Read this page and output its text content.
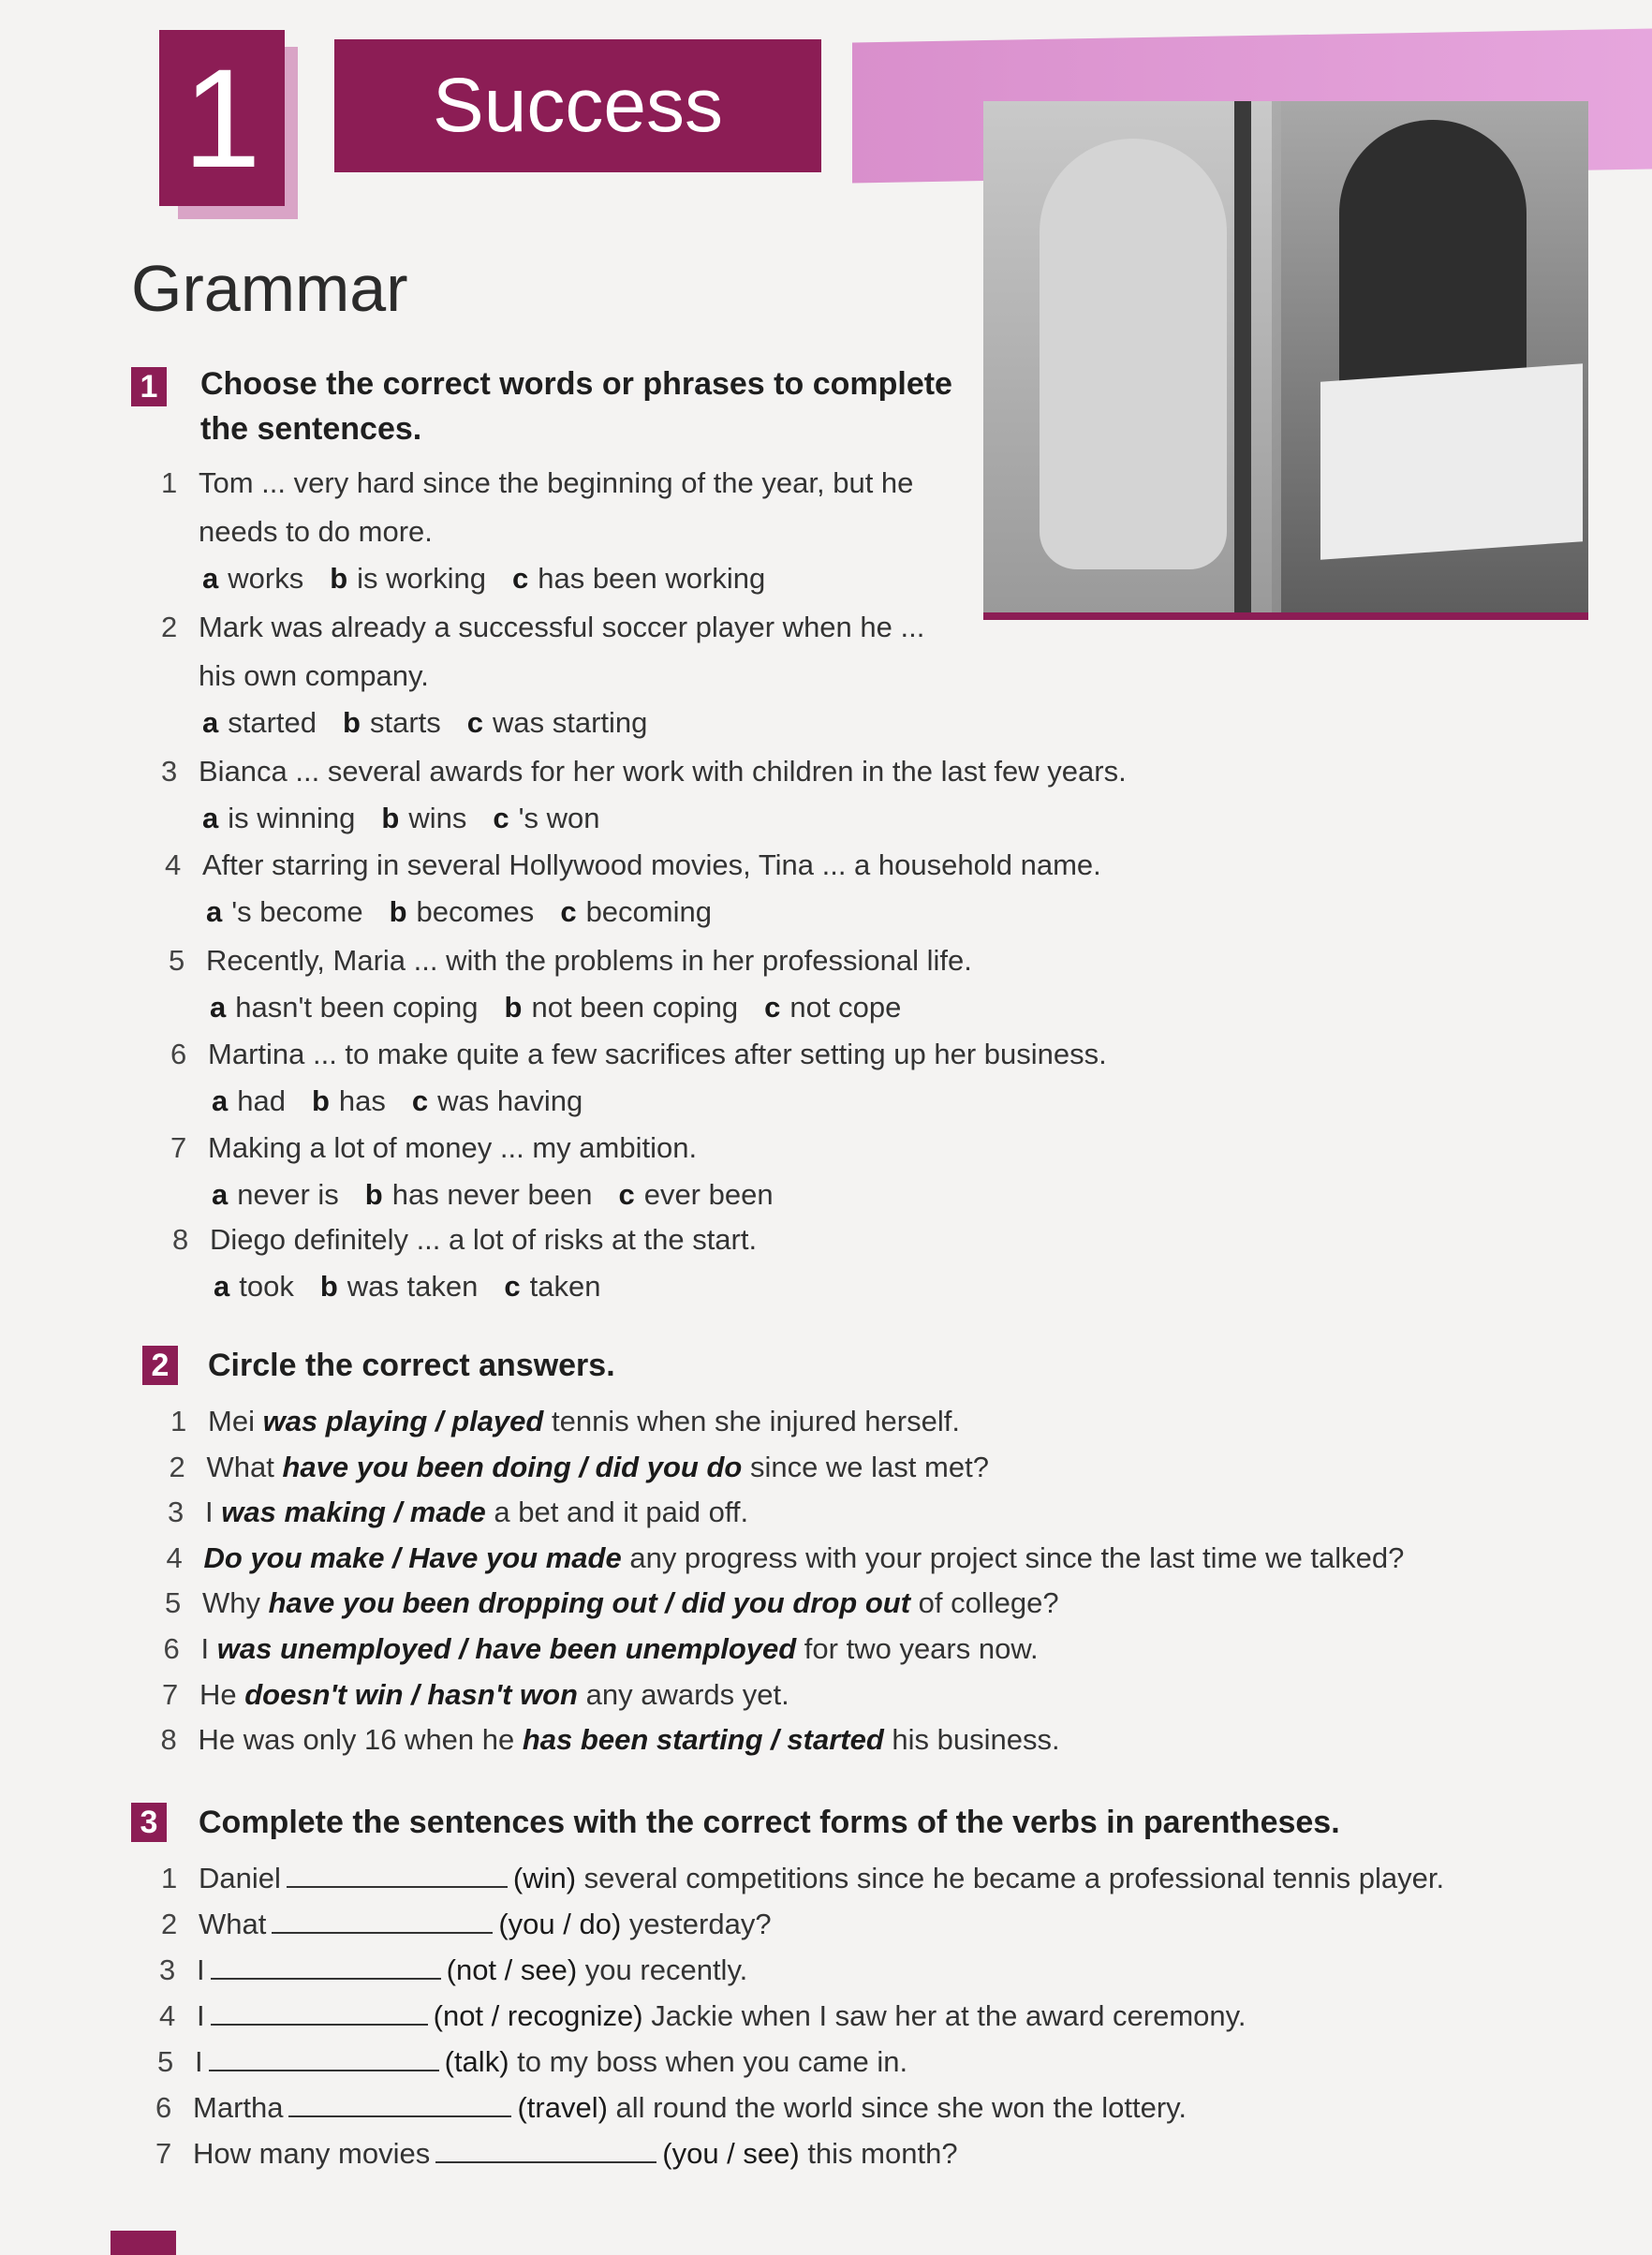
1	Success
Grammar
1 Choose the correct words or phrases to complete
the sentences.
1 Tom ... very hard since the beginning of the year, but he
needs to do more.
a works b is working c has been working
2 Mark was already a successful soccer player when he ...
his own company.
a started b starts c was starting
3 Bianca ... several awards for her work with children in the last few years.
a is winning b wins c 's won
4 After starring in several Hollywood movies, Tina ... a household name.
a 's become b becomes c becoming
5 Recently, Maria ... with the problems in her professional life.
a hasn't been coping b not been coping c not cope
6 Martina ... to make quite a few sacrifices after setting up her business.
a had b has c was having
7 Making a lot of money ... my ambition.
a never is b has never been c ever been
8 Diego definitely ... a lot of risks at the start.
a took b was taken c taken
2 Circle the correct answers.
1 Mei was playing / played tennis when she injured herself.
2 What have you been doing / did you do since we last met?
3 I was making / made a bet and it paid off.
4 Do you make / Have you made any progress with your project since the last time we talked?
5 Why have you been dropping out / did you drop out of college?
6 I was unemployed / have been unemployed for two years now.
7 He doesn't win / hasn't won any awards yet.
8 He was only 16 when he has been starting / started his business.
3 Complete the sentences with the correct forms of the verbs in parentheses.
1 Daniel	(win) several competitions since he became a professional tennis player.
2 What	(you / do) yesterday?
3 I	(not / see) you recently.
4 I	(not / recognize) Jackie when I saw her at the award ceremony.
5 I	(talk) to my boss when you came in.
6 Martha	(travel) all round the world since she won the lottery.
7 How many movies	(you / see) this month?
